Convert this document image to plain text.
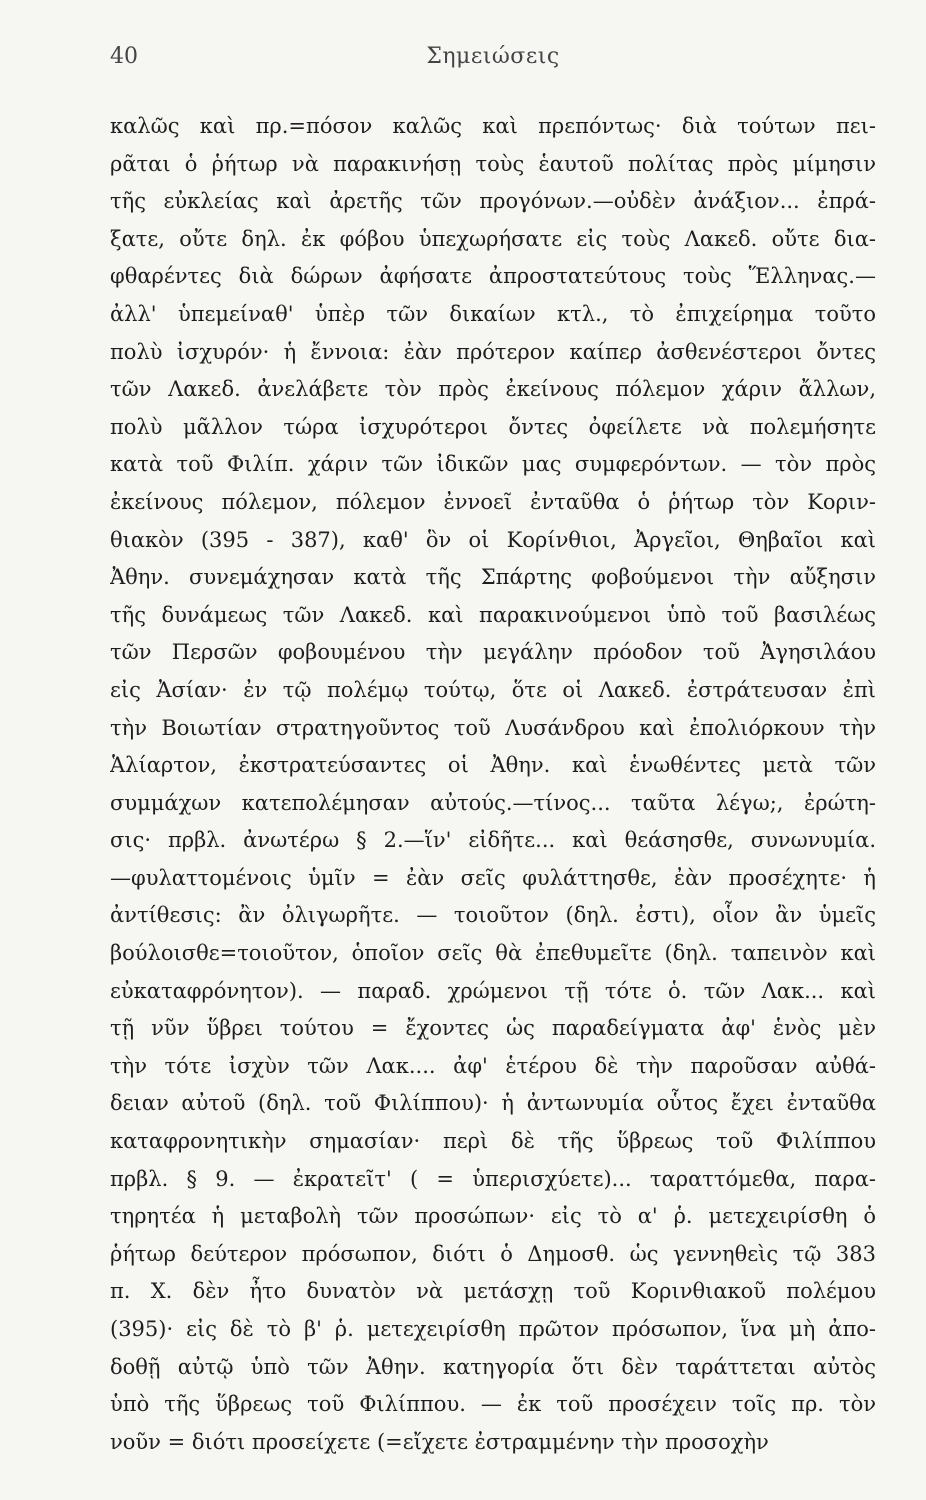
40	Σημειώσεις
καλῶς καὶ πρ.=πόσον καλῶς καὶ πρεπόντως· διὰ τούτων πει-
ρᾶται ὁ ῥήτωρ νὰ παρακινήσῃ τοὺς ἑαυτοῦ πολίτας πρὸς μίμησιν
τῆς εὐκλείας καὶ ἀρετῆς τῶν προγόνων.—οὐδὲν ἀνάξιον... ἐπρά-
ξατε, οὔτε δηλ. ἐκ φόβου ὑπεχωρήσατε εἰς τοὺς Λακεδ. οὔτε δια-
φθαρέντες διὰ δώρων ἀφήσατε ἀπροστατεύτους τοὺς Ἕλληνας.—
ἀλλ' ὑπεμείναθ' ὑπὲρ τῶν δικαίων κτλ., τὸ ἐπιχείρημα τοῦτο
πολὺ ἰσχυρόν· ἡ ἔννοια: ἐὰν πρότερον καίπερ ἀσθενέστεροι ὄντες
τῶν Λακεδ. ἀνελάβετε τὸν πρὸς ἐκείνους πόλεμον χάριν ἄλλων,
πολὺ μᾶλλον τώρα ἰσχυρότεροι ὄντες ὀφείλετε νὰ πολεμήσητε
κατὰ τοῦ Φιλίπ. χάριν τῶν ἰδικῶν μας συμφερόντων. — τὸν πρὸς
ἐκείνους πόλεμον, πόλεμον ἐννοεῖ ἐνταῦθα ὁ ῥήτωρ τὸν Κοριν-
θιακὸν (395 - 387), καθ' ὃν οἱ Κορίνθιοι, Ἀργεῖοι, Θηβαῖοι καὶ
Ἀθην. συνεμάχησαν κατὰ τῆς Σπάρτης φοβούμενοι τὴν αὔξησιν
τῆς δυνάμεως τῶν Λακεδ. καὶ παρακινούμενοι ὑπὸ τοῦ βασιλέως
τῶν Περσῶν φοβουμένου τὴν μεγάλην πρόοδον τοῦ Ἀγησιλάου
εἰς Ἀσίαν· ἐν τῷ πολέμῳ τούτῳ, ὅτε οἱ Λακεδ. ἐστράτευσαν ἐπὶ
τὴν Βοιωτίαν στρατηγοῦντος τοῦ Λυσάνδρου καὶ ἐπολιόρκουν τὴν
Ἁλίαρτον, ἐκστρατεύσαντες οἱ Ἀθην. καὶ ἑνωθέντες μετὰ τῶν
συμμάχων κατεπολέμησαν αὐτούς.—τίνος... ταῦτα λέγω;, ἐρώτη-
σις· πρβλ. ἀνωτέρω § 2.—ἵν' εἰδῆτε... καὶ θεάσησθε, συνωνυμία.
—φυλαττομένοις ὑμῖν = ἐὰν σεῖς φυλάττησθε, ἐὰν προσέχητε· ἡ
ἀντίθεσις: ἂν ὀλιγωρῆτε. — τοιοῦτον (δηλ. ἐστι), οἷον ἂν ὑμεῖς
βούλοισθε=τοιοῦτον, ὁποῖον σεῖς θὰ ἐπεθυμεῖτε (δηλ. ταπεινὸν καὶ
εὐκαταφρόνητον). — παραδ. χρώμενοι τῇ τότε ὁ. τῶν Λακ... καὶ
τῇ νῦν ὕβρει τούτου = ἔχοντες ὡς παραδείγματα ἀφ' ἑνὸς μὲν
τὴν τότε ἰσχὺν τῶν Λακ.... ἀφ' ἑτέρου δὲ τὴν παροῦσαν αὐθά-
δειαν αὐτοῦ (δηλ. τοῦ Φιλίππου)· ἡ ἀντωνυμία οὗτος ἔχει ἐνταῦθα
καταφρονητικὴν σημασίαν· περὶ δὲ τῆς ὕβρεως τοῦ Φιλίππου
πρβλ. § 9. — ἐκρατεῖτ' ( = ὑπερισχύετε)... ταραττόμεθα, παρα-
τηρητέα ἡ μεταβολὴ τῶν προσώπων· εἰς τὸ α' ῥ. μετεχειρίσθη ὁ
ῥήτωρ δεύτερον πρόσωπον, διότι ὁ Δημοσθ. ὡς γεννηθεὶς τῷ 383
π. Χ. δὲν ἦτο δυνατὸν νὰ μετάσχῃ τοῦ Κορινθιακοῦ πολέμου
(395)· εἰς δὲ τὸ β' ῥ. μετεχειρίσθη πρῶτον πρόσωπον, ἵνα μὴ ἀπο-
δοθῇ αὐτῷ ὑπὸ τῶν Ἀθην. κατηγορία ὅτι δὲν ταράττεται αὐτὸς
ὑπὸ τῆς ὕβρεως τοῦ Φιλίππου. — ἐκ τοῦ προσέχειν τοῖς πρ. τὸν
νοῦν = διότι προσείχετε (=εἴχετε ἐστραμμένην τὴν προσοχὴν
